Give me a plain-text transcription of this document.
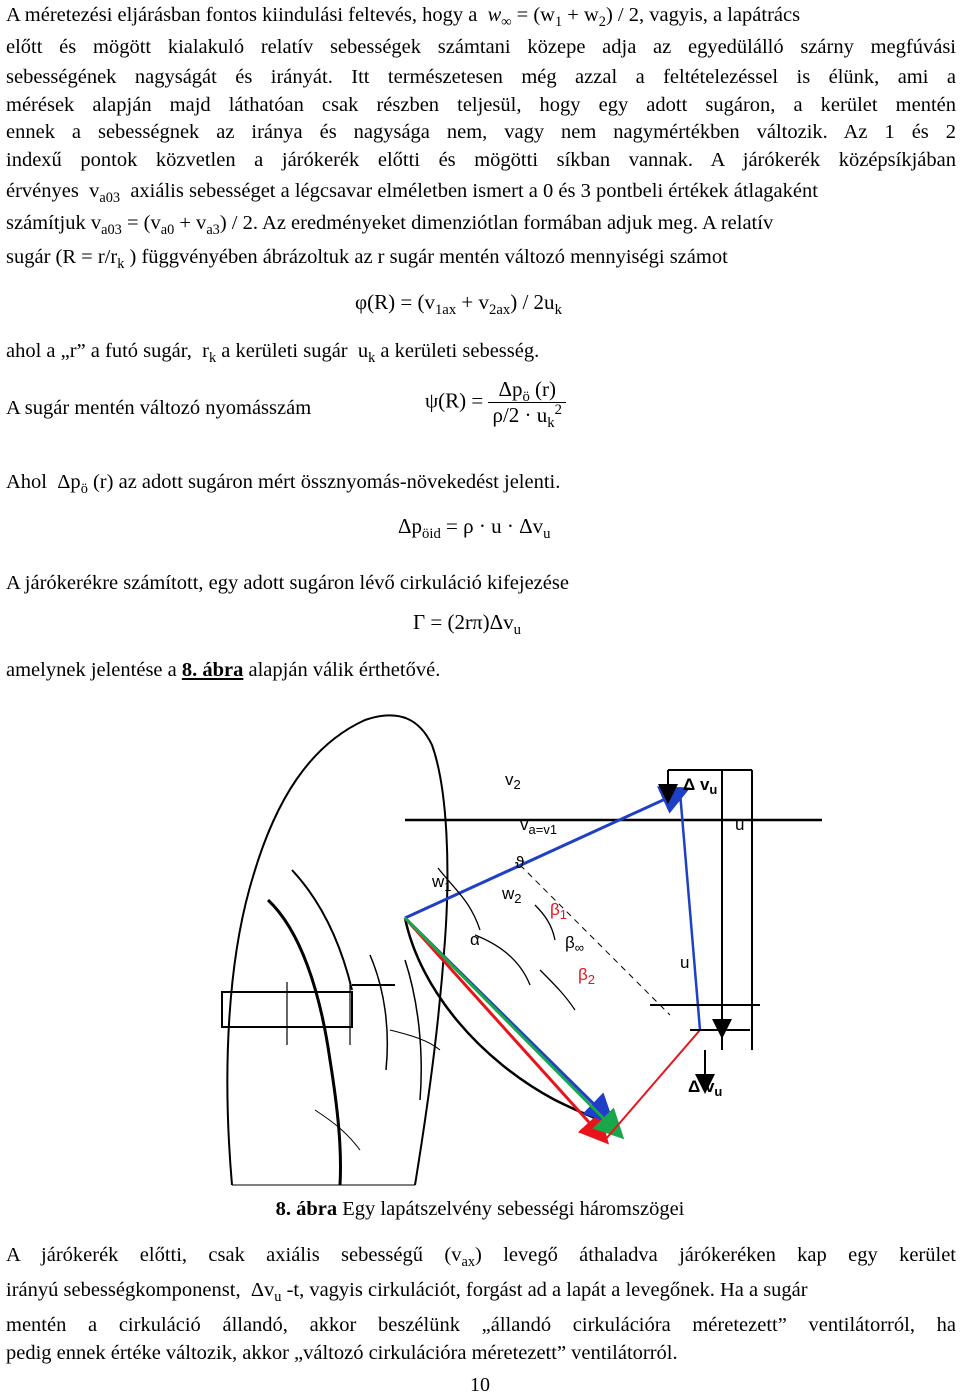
A méretezési eljárásban fontos kiindulási feltevés, hogy a $w_\infty = (w_1 + w_2) / 2$, vagyis, a lapátrács
előtt és mögött kialakuló relatív sebességek számtani közepe adja az egyedülálló szárny megfúvási
sebességének nagyságát és irányát. Itt természetesen még azzal a feltételezéssel is élünk, ami a
mérések alapján majd láthatóan csak részben teljesül, hogy egy adott sugáron, a kerület mentén
ennek a sebességnek az iránya és nagysága nem, vagy nem nagymértékben változik. Az 1 és 2
indexű pontok közvetlen a járókerék előtti és mögötti síkban vannak. A járókerék középsíkjában
érvényes  $v_{a03}$ axiális sebességet a légcsavar elméletben ismert a 0 és 3 pontbeli értékek átlagaként
számítjuk $v_{a03} = (v_{a0} + v_{a3}) / 2$. Az eredményeket dimenziótlan formában adjuk meg. A relatív
sugár ($R = r/r_k$ ) függvényében ábrázoltuk az r sugár mentén változó mennyiségi számot
$\varphi(R) = (v_{1ax} + v_{2ax}) / 2u_k$
ahol a „r” a futó sugár,  $r_k$ a kerületi sugár  $u_k$ a kerületi sebesség.
A sugár mentén változó nyomásszám	$\psi(R) = \frac{\Delta p_ö (r)}{\rho/2 \cdot u_k^2}$
Ahol  $\Delta p_ö$ (r) az adott sugáron mért össznyomás-növekedést jelenti.
$\Delta p_{öid} = \rho \cdot u \cdot \Delta v_u$
A járókerékre számított, egy adott sugáron lévő cirkuláció kifejezése
$\Gamma = (2r\pi)\Delta v_u$
amelynek jelentése a 8. ábra alapján válik érthetővé.
$v_2$
$v_{a=v}1$	u
ϑ
$w_1$	$w_2$
$\beta_1$
α	$\beta_\infty$
$\beta_2$
u
Δ $v_u$
Δ $v_u$
8. ábra Egy lapátszelvény sebességi háromszögei
A járókerék előtti, csak axiális sebességű $(v_{ax})$ levegő áthaladva járókeréken kap egy kerület
irányú sebességkomponenst,  $\Delta v_u$ -t, vagyis cirkulációt, forgást ad a lapát a levegőnek. Ha a sugár
mentén a cirkuláció állandó, akkor beszélünk „állandó cirkulációra méretezett” ventilátorról, ha
pedig ennek értéke változik, akkor „változó cirkulációra méretezett” ventilátorról.
10
